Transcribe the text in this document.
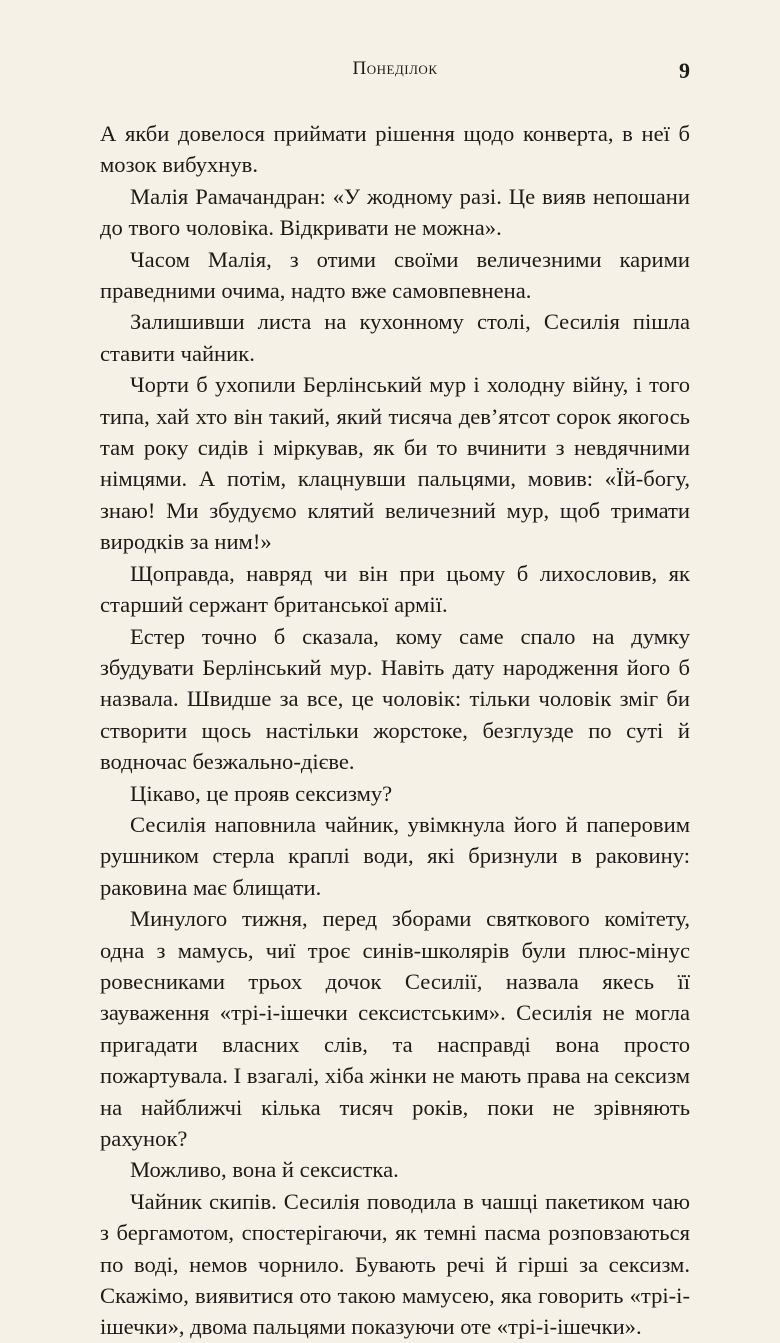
Понеділок	9

А якби довелося приймати рішення щодо конверта, в неї б мозок вибухнув.

Малія Рамачандран: «У жодному разі. Це вияв непошани до твого чоловіка. Відкривати не можна».

Часом Малія, з отими своїми величезними карими праведними очима, надто вже самовпевнена.

Залишивши листа на кухонному столі, Сесилія пішла ставити чайник.

Чорти б ухопили Берлінський мур і холодну війну, і того типа, хай хто він такий, який тисяча дев’ятсот сорок якогось там року сидів і міркував, як би то вчинити з невдячними німцями. А потім, клацнувши пальцями, мовив: «Їй-богу, знаю! Ми збудуємо клятий величезний мур, щоб тримати виродків за ним!»

Щоправда, навряд чи він при цьому б лихословив, як старший сержант британської армії.

Естер точно б сказала, кому саме спало на думку збудувати Берлінський мур. Навіть дату народження його б назвала. Швидше за все, це чоловік: тільки чоловік зміг би створити щось настільки жорстоке, безглузде по суті й водночас безжально-дієве.

Цікаво, це прояв сексизму?

Сесилія наповнила чайник, увімкнула його й паперовим рушником стерла краплі води, які бризнули в раковину: раковина має блищати.

Минулого тижня, перед зборами святкового комітету, одна з мамусь, чиї троє синів-школярів були плюс-мінус ровесниками трьох дочок Сесилії, назвала якесь її зауваження «трі-і-ішечки сексистським». Сесилія не могла пригадати власних слів, та насправді вона просто пожартувала. І взагалі, хіба жінки не мають права на сексизм на найближчі кілька тисяч років, поки не зрівняють рахунок?

Можливо, вона й сексистка.

Чайник скипів. Сесилія поводила в чашці пакетиком чаю з бергамотом, спостерігаючи, як темні пасма розповзаються по воді, немов чорнило. Бувають речі й гірші за сексизм. Скажімо, виявитися ото такою мамусею, яка говорить «трі-і-ішечки», двома пальцями показуючи оте «трі-і-ішечки».
